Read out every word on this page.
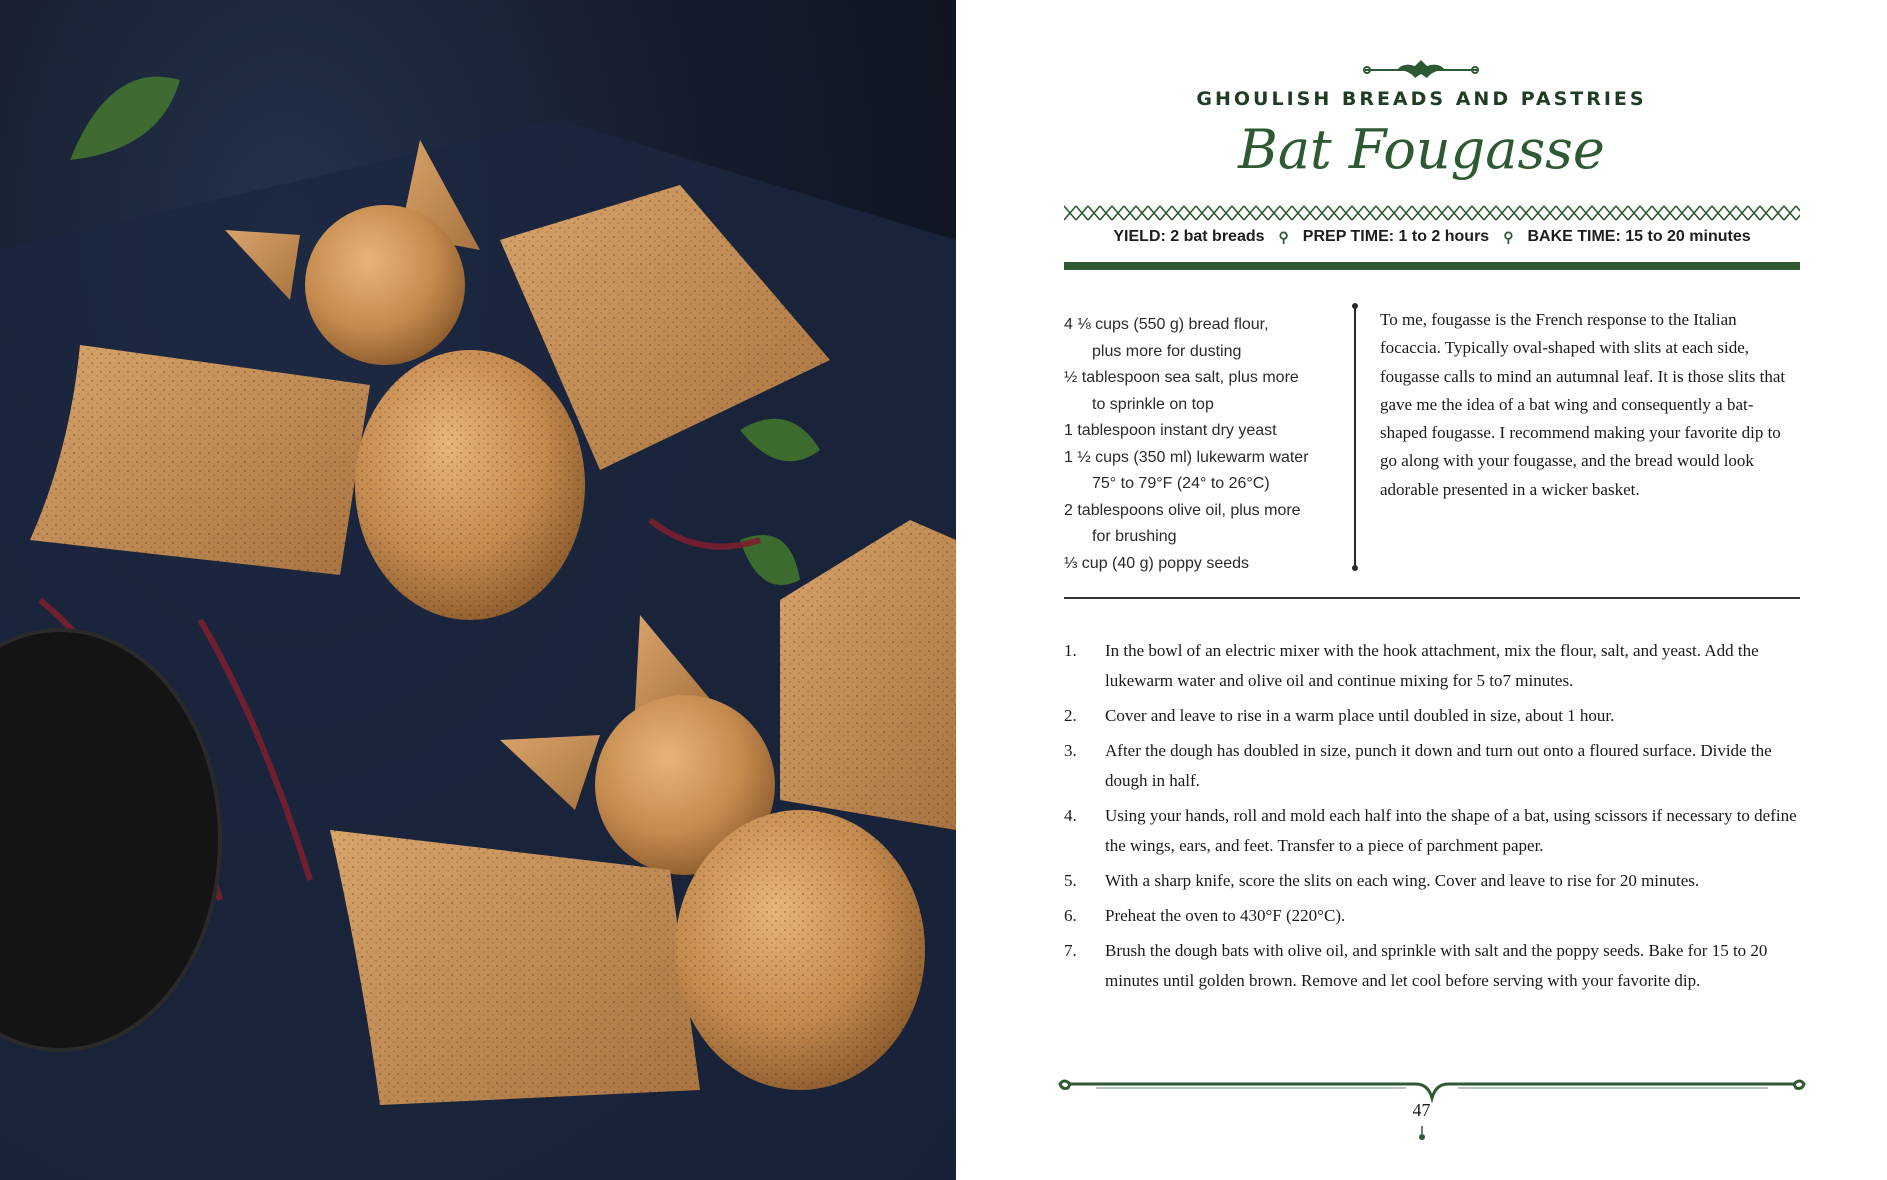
GHOULISH BREADS AND PASTRIES
Bat Fougasse
YIELD: 2 bat breads ⚲ PREP TIME: 1 to 2 hours ⚲ BAKE TIME: 15 to 20 minutes
4 ⅛ cups (550 g) bread flour,
plus more for dusting
½ tablespoon sea salt, plus more
to sprinkle on top
1 tablespoon instant dry yeast
1 ½ cups (350 ml) lukewarm water
75° to 79°F (24° to 26°C)
2 tablespoons olive oil, plus more
for brushing
⅓ cup (40 g) poppy seeds
To me, fougasse is the French response to the Italian focaccia. Typically oval-shaped with slits at each side, fougasse calls to mind an autumnal leaf. It is those slits that gave me the idea of a bat wing and consequently a bat-shaped fougasse. I recommend making your favorite dip to go along with your fougasse, and the bread would look adorable presented in a wicker basket.
1.	In the bowl of an electric mixer with the hook attachment, mix the flour, salt, and yeast. Add the lukewarm water and olive oil and continue mixing for 5 to7 minutes.
2.	Cover and leave to rise in a warm place until doubled in size, about 1 hour.
3.	After the dough has doubled in size, punch it down and turn out onto a floured surface. Divide the dough in half.
4.	Using your hands, roll and mold each half into the shape of a bat, using scissors if necessary to define the wings, ears, and feet. Transfer to a piece of parchment paper.
5.	With a sharp knife, score the slits on each wing. Cover and leave to rise for 20 minutes.
6.	Preheat the oven to 430°F (220°C).
7.	Brush the dough bats with olive oil, and sprinkle with salt and the poppy seeds. Bake for 15 to 20 minutes until golden brown. Remove and let cool before serving with your favorite dip.
47
